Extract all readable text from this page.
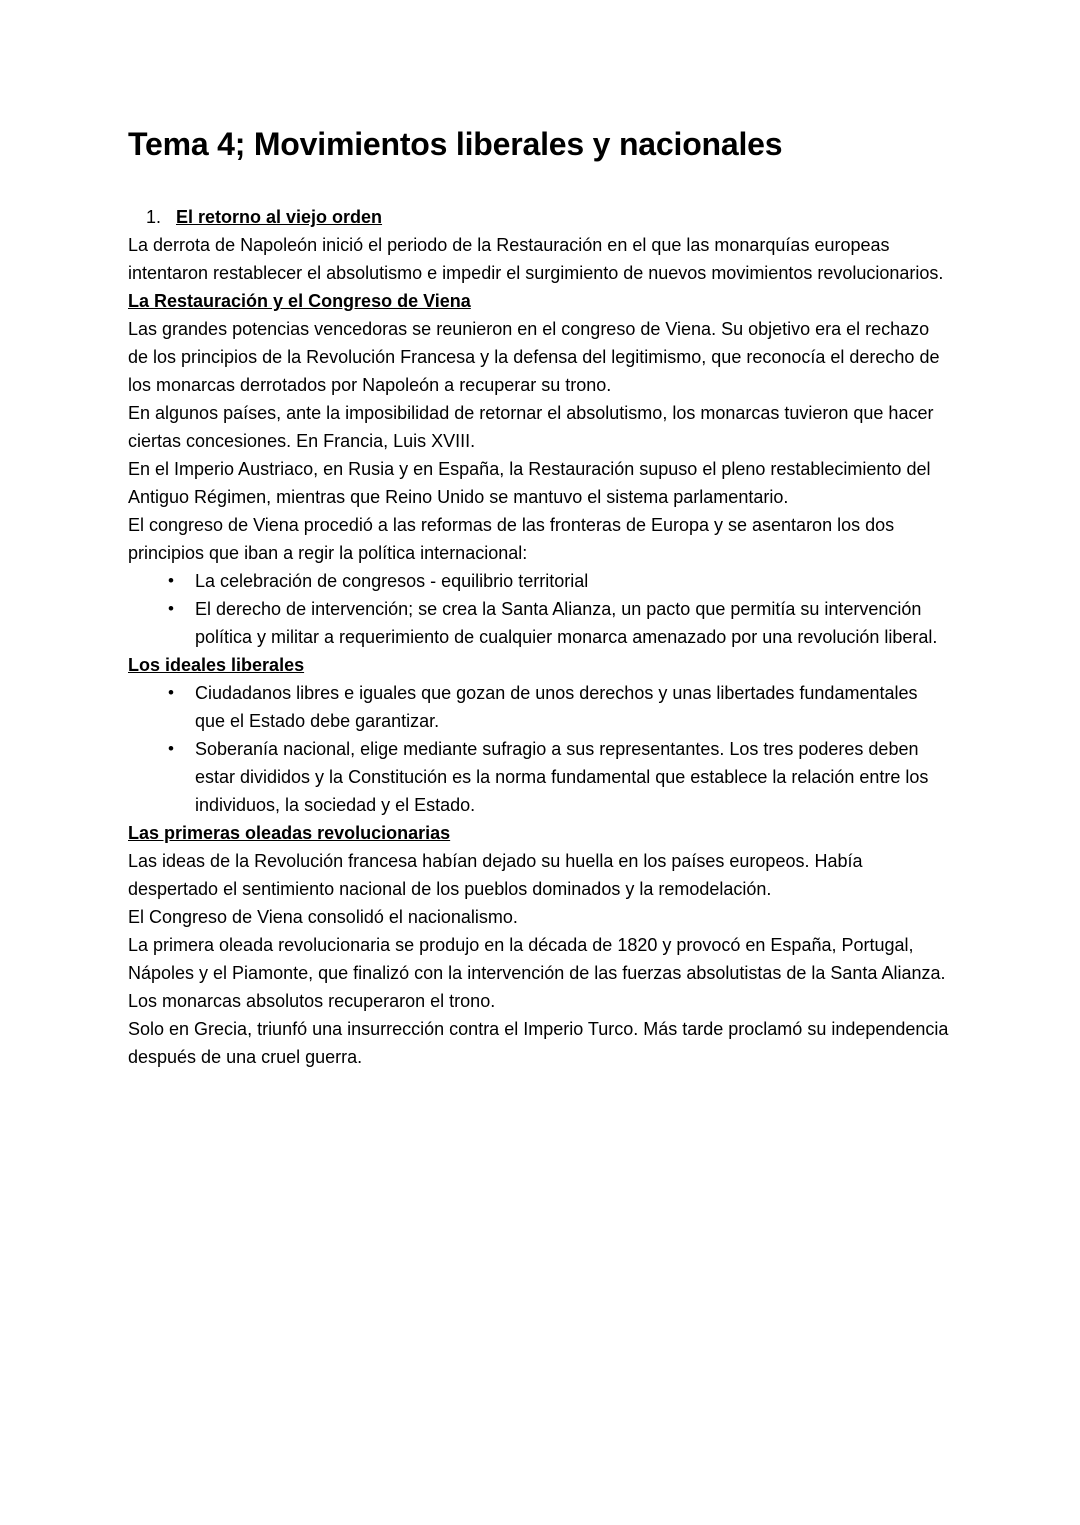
Tema 4; Movimientos liberales y nacionales
1. El retorno al viejo orden

La derrota de Napoleón inició el periodo de la Restauración en el que las monarquías europeas intentaron restablecer el absolutismo e impedir el surgimiento de nuevos movimientos revolucionarios.

La Restauración y el Congreso de Viena

Las grandes potencias vencedoras se reunieron en el congreso de Viena. Su objetivo era el rechazo de los principios de la Revolución Francesa y la defensa del legitimismo, que reconocía el derecho de los monarcas derrotados por Napoleón a recuperar su trono.

En algunos países, ante la imposibilidad de retornar el absolutismo, los monarcas tuvieron que hacer ciertas concesiones. En Francia, Luis XVIII.

En el Imperio Austriaco, en Rusia y en España, la Restauración supuso el pleno restablecimiento del Antiguo Régimen, mientras que Reino Unido se mantuvo el sistema parlamentario.

El congreso de Viena procedió a las reformas de las fronteras de Europa y se asentaron los dos principios que iban a regir la política internacional:

• La celebración de congresos - equilibrio territorial
• El derecho de intervención; se crea la Santa Alianza, un pacto que permitía su intervención política y militar a requerimiento de cualquier monarca amenazado por una revolución liberal.
Los ideales liberales
• Ciudadanos libres e iguales que gozan de unos derechos y unas libertades fundamentales que el Estado debe garantizar.
• Soberanía nacional, elige mediante sufragio a sus representantes. Los tres poderes deben estar divididos y la Constitución es la norma fundamental que establece la relación entre los individuos, la sociedad y el Estado.
Las primeras oleadas revolucionarias

Las ideas de la Revolución francesa habían dejado su huella en los países europeos. Había despertado el sentimiento nacional de los pueblos dominados y la remodelación.

El Congreso de Viena consolidó el nacionalismo.

La primera oleada revolucionaria se produjo en la década de 1820 y provocó en España, Portugal, Nápoles y el Piamonte, que finalizó con la intervención de las fuerzas absolutistas de la Santa Alianza. Los monarcas absolutos recuperaron el trono.

Solo en Grecia, triunfó una insurrección contra el Imperio Turco. Más tarde proclamó su independencia después de una cruel guerra.
